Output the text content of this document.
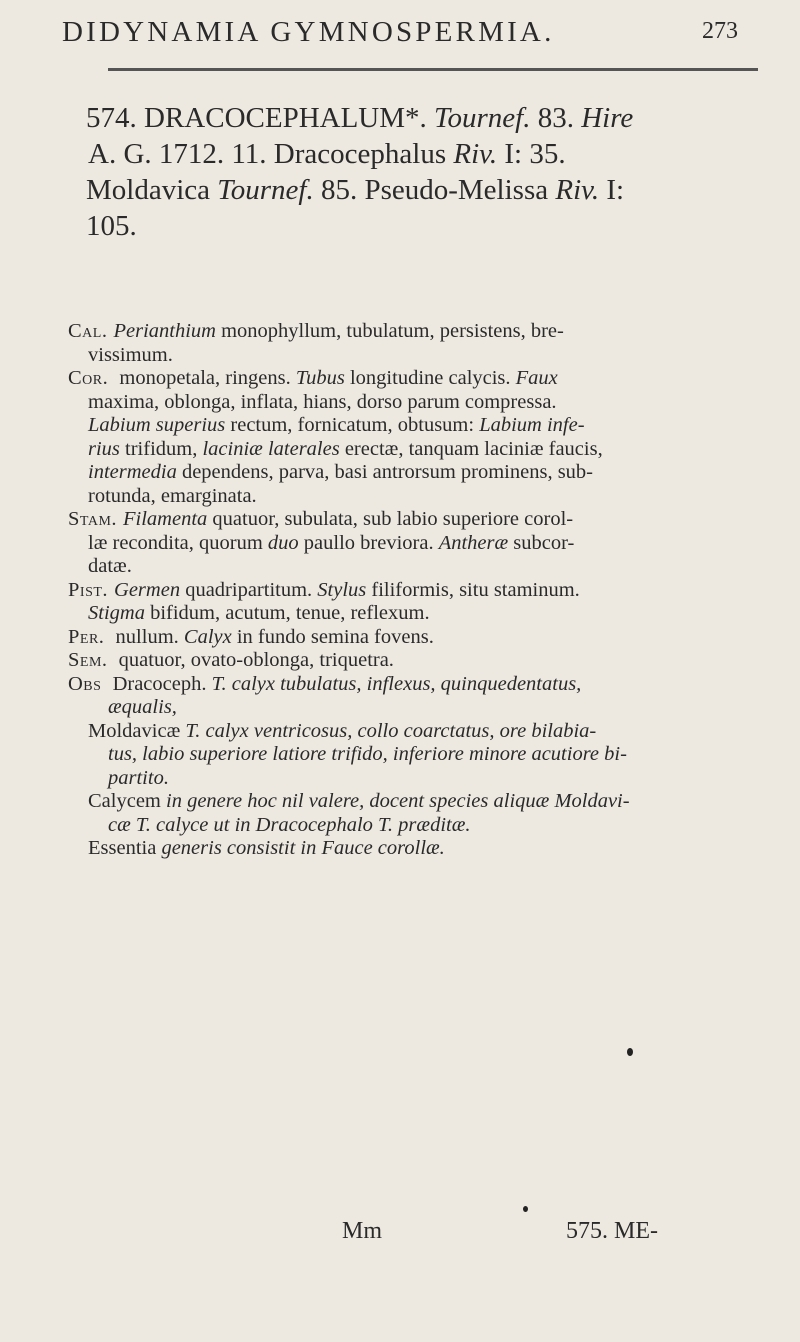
DIDYNAMIA GYMNOSPERMIA.	273
574. DRACOCEPHALUM*. Tournef. 83. Hire
A. G. 1712. 11. Dracocephalus Riv. I: 35.
Moldavica Tournef. 85. Pseudo-Melissa Riv. I:
105.

Cal. Perianthium monophyllum, tubulatum, persistens, bre-

vissimum.

Cor. monopetala, ringens. Tubus longitudine calycis. Faux

maxima, oblonga, inflata, hians, dorso parum compressa.

Labium superius rectum, fornicatum, obtusum: Labium infe-

rius trifidum, laciniæ laterales erectæ, tanquam laciniæ faucis,

intermedia dependens, parva, basi antrorsum prominens, sub-

rotunda, emarginata.

Stam. Filamenta quatuor, subulata, sub labio superiore corol-

læ recondita, quorum duo paullo breviora. Antheræ subcor-

datæ.

Pist. Germen quadripartitum. Stylus filiformis, situ staminum.

Stigma bifidum, acutum, tenue, reflexum.

Per. nullum. Calyx in fundo semina fovens.

Sem. quatuor, ovato-oblonga, triquetra.

Obs Dracoceph. T. calyx tubulatus, inflexus, quinquedentatus,

æqualis,

Moldavicæ T. calyx ventricosus, collo coarctatus, ore bilabia-

tus, labio superiore latiore trifido, inferiore minore acutiore bi-

partito.

Calycem in genere hoc nil valere, docent species aliquæ Moldavi-

cæ T. calyce ut in Dracocephalo T. præditæ.

Essentia generis consistit in Fauce corollæ.

Mm	575. ME-
